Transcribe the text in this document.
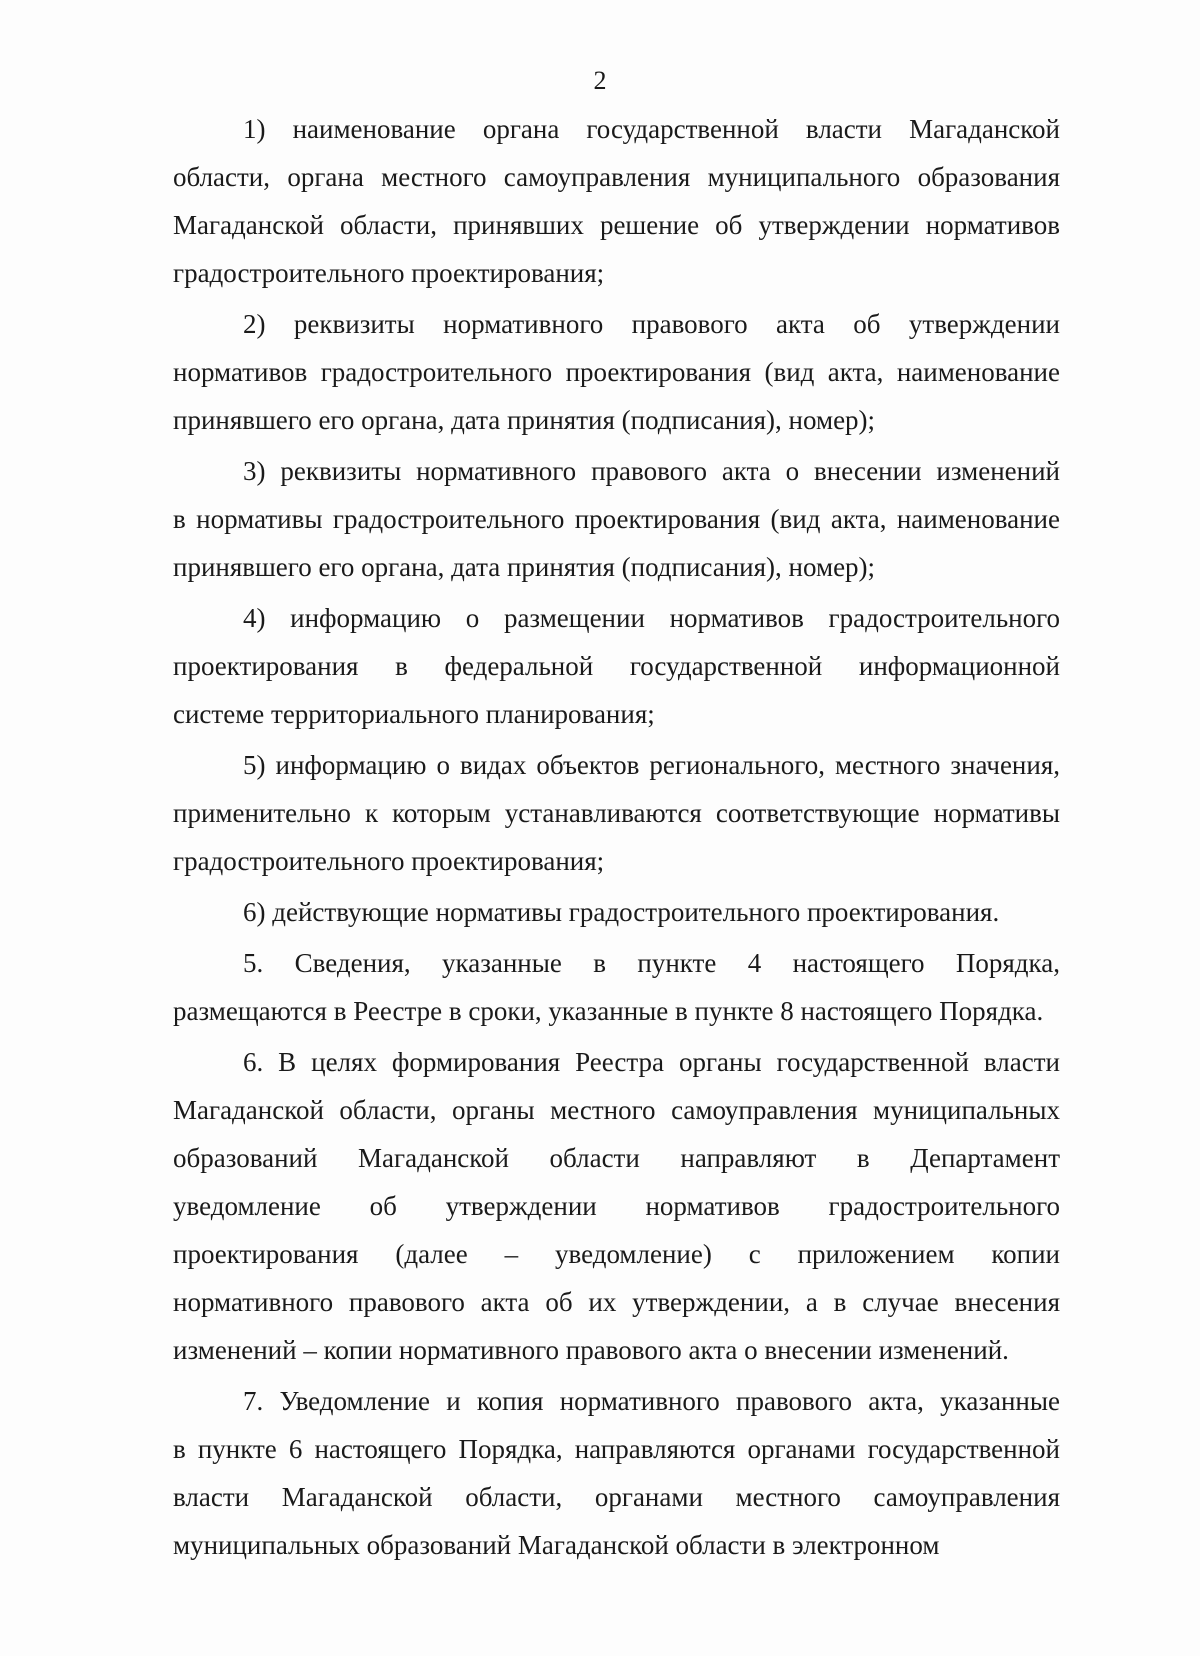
2
1) наименование органа государственной власти Магаданской
области, органа местного самоуправления муниципального образования
Магаданской области, принявших решение об утверждении нормативов
градостроительного проектирования;
2) реквизиты нормативного правового акта об утверждении
нормативов градостроительного проектирования (вид акта, наименование
принявшего его органа, дата принятия (подписания), номер);
3) реквизиты нормативного правового акта о внесении изменений
в нормативы градостроительного проектирования (вид акта, наименование
принявшего его органа, дата принятия (подписания), номер);
4) информацию о размещении нормативов градостроительного
проектирования в федеральной государственной информационной
системе территориального планирования;
5) информацию о видах объектов регионального, местного значения,
применительно к которым устанавливаются соответствующие нормативы
градостроительного проектирования;
6) действующие нормативы градостроительного проектирования.
5. Сведения, указанные в пункте 4 настоящего Порядка,
размещаются в Реестре в сроки, указанные в пункте 8 настоящего Порядка.
6. В целях формирования Реестра органы государственной власти
Магаданской области, органы местного самоуправления муниципальных
образований Магаданской области направляют в Департамент
уведомление об утверждении нормативов градостроительного
проектирования (далее – уведомление) с приложением копии
нормативного правового акта об их утверждении, а в случае внесения
изменений – копии нормативного правового акта о внесении изменений.
7. Уведомление и копия нормативного правового акта, указанные
в пункте 6 настоящего Порядка, направляются органами государственной
власти Магаданской области, органами местного самоуправления
муниципальных образований Магаданской области в электронном
